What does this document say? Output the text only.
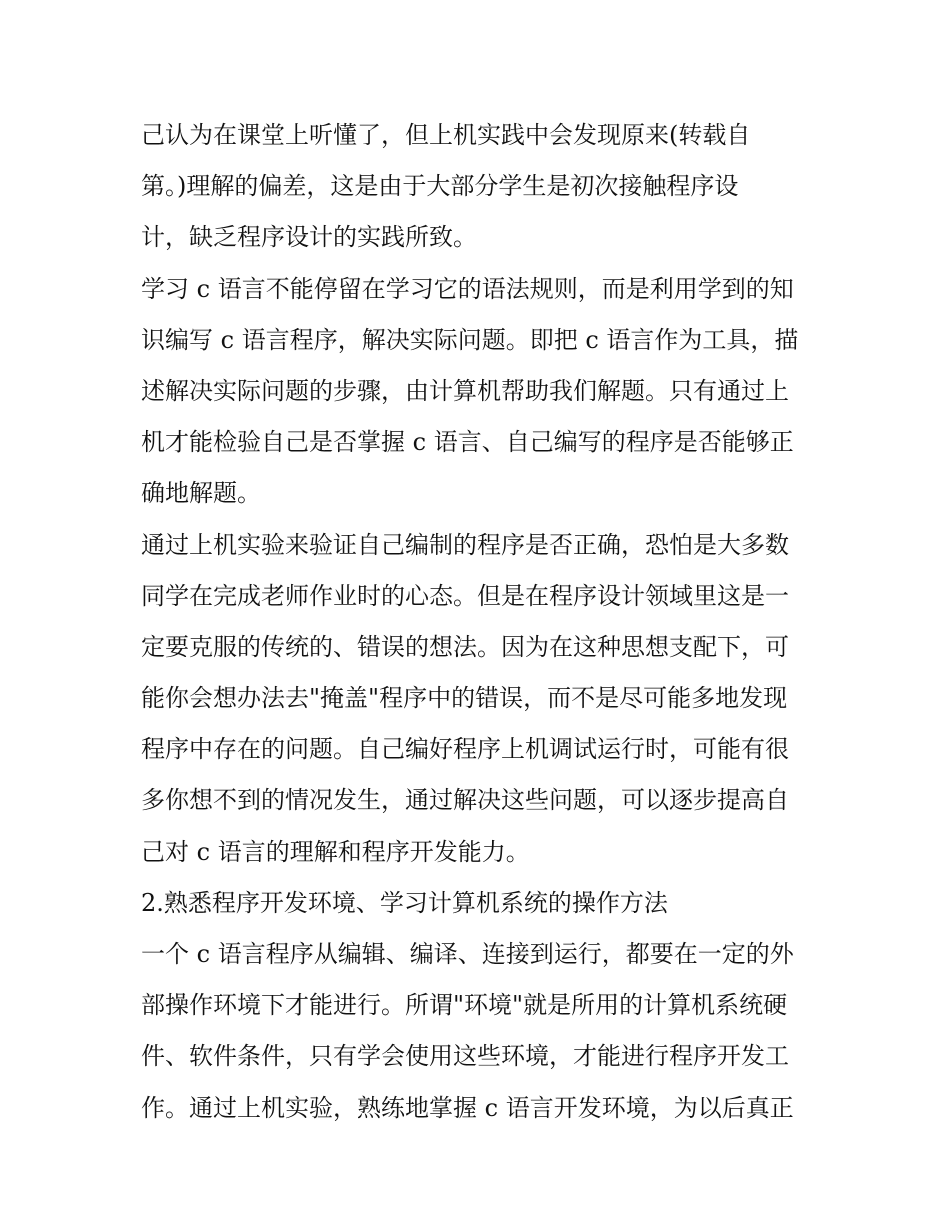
己认为在课堂上听懂了，但上机实践中会发现原来(转载自
第。)理解的偏差，这是由于大部分学生是初次接触程序设
计，缺乏程序设计的实践所致。
学习 c 语言不能停留在学习它的语法规则，而是利用学到的知
识编写 c 语言程序，解决实际问题。即把 c 语言作为工具，描
述解决实际问题的步骤，由计算机帮助我们解题。只有通过上
机才能检验自己是否掌握 c 语言、自己编写的程序是否能够正
确地解题。
通过上机实验来验证自己编制的程序是否正确，恐怕是大多数
同学在完成老师作业时的心态。但是在程序设计领域里这是一
定要克服的传统的、错误的想法。因为在这种思想支配下，可
能你会想办法去"掩盖"程序中的错误，而不是尽可能多地发现
程序中存在的问题。自己编好程序上机调试运行时，可能有很
多你想不到的情况发生，通过解决这些问题，可以逐步提高自
己对 c 语言的理解和程序开发能力。
2.熟悉程序开发环境、学习计算机系统的操作方法
一个 c 语言程序从编辑、编译、连接到运行，都要在一定的外
部操作环境下才能进行。所谓"环境"就是所用的计算机系统硬
件、软件条件，只有学会使用这些环境，才能进行程序开发工
作。通过上机实验，熟练地掌握 c 语言开发环境，为以后真正
